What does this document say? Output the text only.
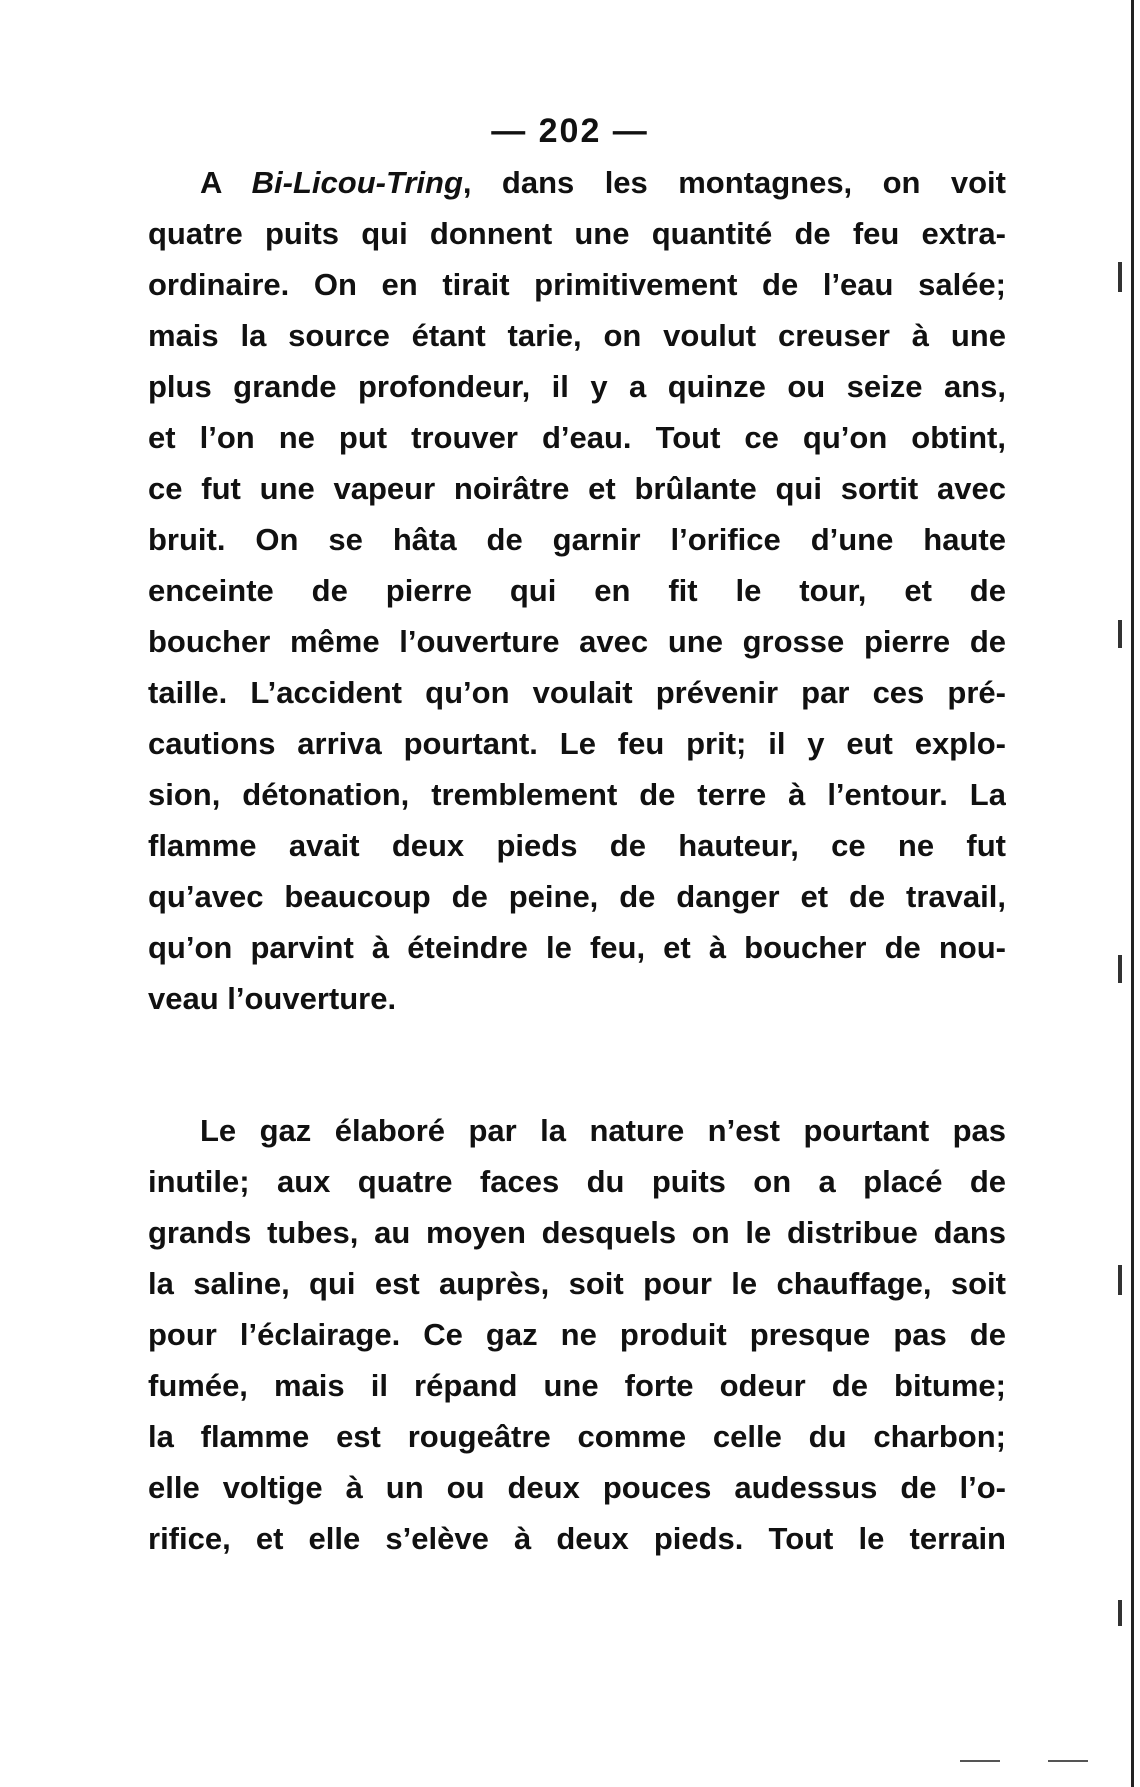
— 202 —
A Bi-Licou-Tring, dans les montagnes, on voit
quatre puits qui donnent une quantité de feu extra-
ordinaire. On en tirait primitivement de l’eau salée;
mais la source étant tarie, on voulut creuser à une
plus grande profondeur, il y a quinze ou seize ans,
et l’on ne put trouver d’eau. Tout ce qu’on obtint,
ce fut une vapeur noirâtre et brûlante qui sortit avec
bruit. On se hâta de garnir l’orifice d’une haute
enceinte de pierre qui en fit le tour, et de
boucher même l’ouverture avec une grosse pierre de
taille. L’accident qu’on voulait prévenir par ces pré-
cautions arriva pourtant. Le feu prit; il y eut explo-
sion, détonation, tremblement de terre à l’entour. La
flamme avait deux pieds de hauteur, ce ne fut
qu’avec beaucoup de peine, de danger et de travail,
qu’on parvint à éteindre le feu, et à boucher de nou-
veau l’ouverture.
Le gaz élaboré par la nature n’est pourtant pas
inutile; aux quatre faces du puits on a placé de
grands tubes, au moyen desquels on le distribue dans
la saline, qui est auprès, soit pour le chauffage, soit
pour l’éclairage. Ce gaz ne produit presque pas de
fumée, mais il répand une forte odeur de bitume;
la flamme est rougeâtre comme celle du charbon;
elle voltige à un ou deux pouces audessus de l’o-
rifice, et elle s’elève à deux pieds. Tout le terrain
